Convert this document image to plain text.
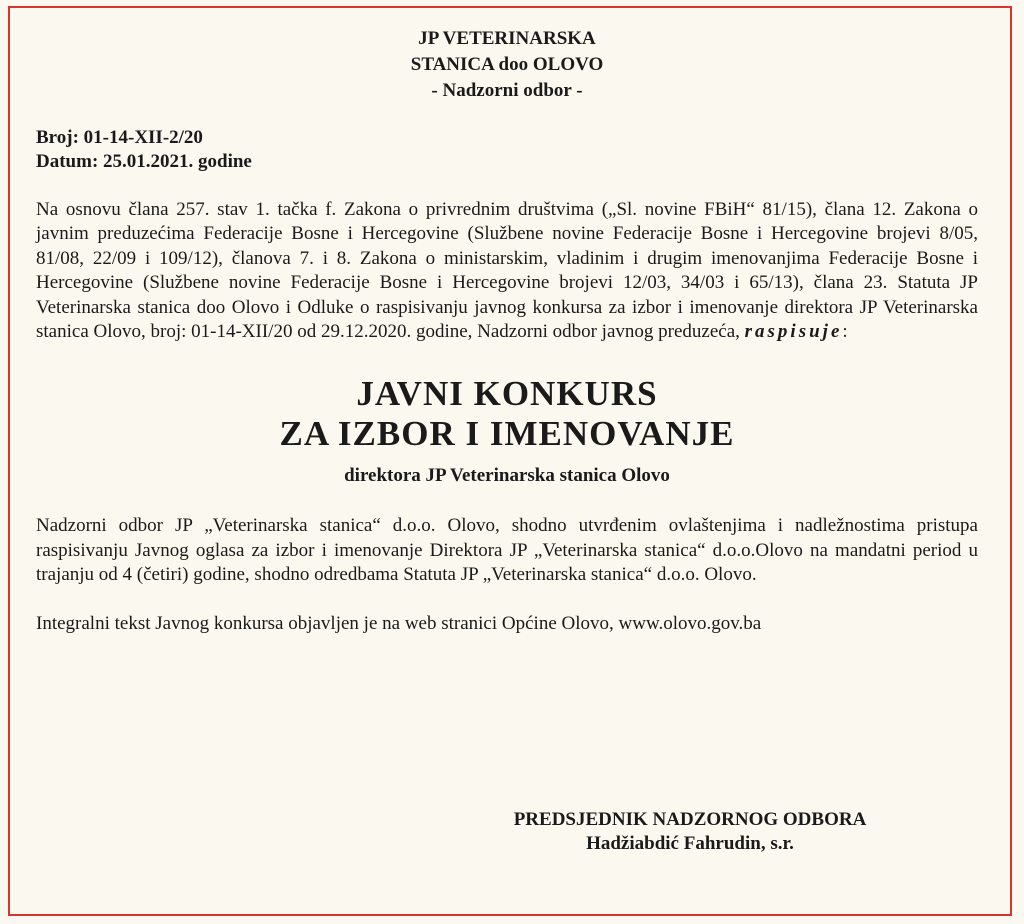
JP VETERINARSKA
STANICA doo OLOVO
- Nadzorni odbor -
Broj: 01-14-XII-2/20
Datum: 25.01.2021. godine
Na osnovu člana 257. stav 1. tačka f. Zakona o privrednim društvima („Sl. novine FBiH“ 81/15), člana 12. Zakona o javnim preduzećima Federacije Bosne i Hercegovine (Službene novine Federacije Bosne i Hercegovine brojevi 8/05, 81/08, 22/09 i 109/12), članova 7. i 8. Zakona o ministarskim, vladinim i drugim imenovanjima Federacije Bosne i Hercegovine (Službene novine Federacije Bosne i Hercegovine brojevi 12/03, 34/03 i 65/13), člana 23. Statuta JP Veterinarska stanica doo Olovo i Odluke o raspisivanju javnog konkursa za izbor i imenovanje direktora JP Veterinarska stanica Olovo, broj: 01-14-XII/20 od 29.12.2020. godine, Nadzorni odbor javnog preduzeća, raspisuje:
JAVNI KONKURS
ZA IZBOR I IMENOVANJE
direktora JP Veterinarska stanica Olovo
Nadzorni odbor JP „Veterinarska stanica“ d.o.o. Olovo, shodno utvrđenim ovlaštenjima i nadležnostima pristupa raspisivanju Javnog oglasa za izbor i imenovanje Direktora JP „Veterinarska stanica“ d.o.o.Olovo na mandatni period u trajanju od 4 (četiri) godine, shodno odredbama Statuta JP „Veterinarska stanica“ d.o.o. Olovo.
Integralni tekst Javnog konkursa objavljen je na web stranici Općine Olovo, www.olovo.gov.ba
PREDSJEDNIK NADZORNOG ODBORA
Hadžiabdić Fahrudin, s.r.
